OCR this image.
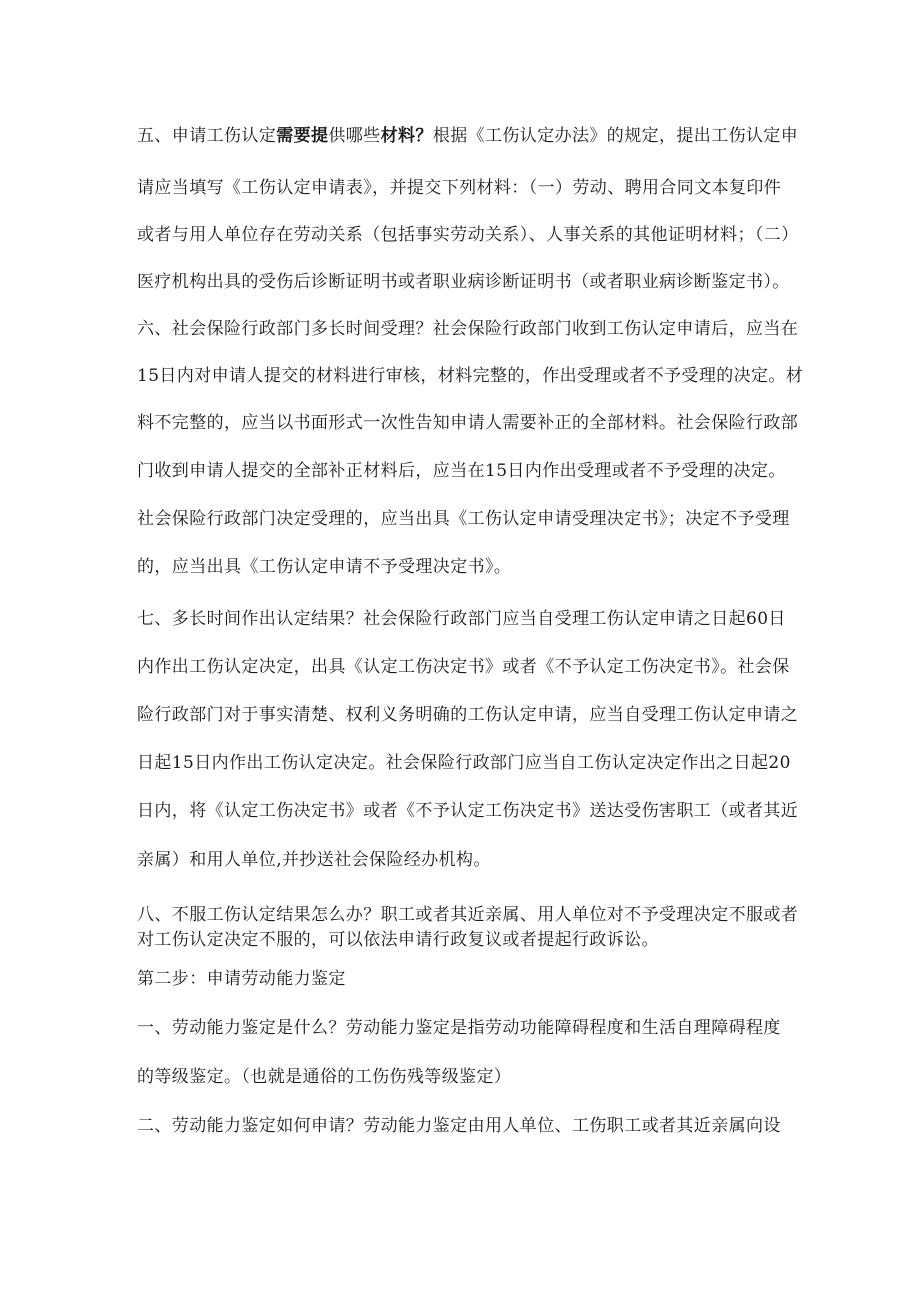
五、申请工伤认定需要提供哪些材料？根据《工伤认定办法》的规定，提出工伤认定申
请应当填写《工伤认定申请表》，并提交下列材料：（一）劳动、聘用合同文本复印件
或者与用人单位存在劳动关系（包括事实劳动关系）、人事关系的其他证明材料；（二）
医疗机构出具的受伤后诊断证明书或者职业病诊断证明书（或者职业病诊断鉴定书）。
六、社会保险行政部门多长时间受理？社会保险行政部门收到工伤认定申请后，应当在
15日内对申请人提交的材料进行审核，材料完整的，作出受理或者不予受理的决定。材
料不完整的，应当以书面形式一次性告知申请人需要补正的全部材料。社会保险行政部
门收到申请人提交的全部补正材料后，应当在15日内作出受理或者不予受理的决定。
社会保险行政部门决定受理的，应当出具《工伤认定申请受理决定书》；决定不予受理
的，应当出具《工伤认定申请不予受理决定书》。
七、多长时间作出认定结果？社会保险行政部门应当自受理工伤认定申请之日起60日
内作出工伤认定决定，出具《认定工伤决定书》或者《不予认定工伤决定书》。社会保
险行政部门对于事实清楚、权利义务明确的工伤认定申请，应当自受理工伤认定申请之
日起15日内作出工伤认定决定。社会保险行政部门应当自工伤认定决定作出之日起20
日内，将《认定工伤决定书》或者《不予认定工伤决定书》送达受伤害职工（或者其近
亲属）和用人单位,并抄送社会保险经办机构。
八、不服工伤认定结果怎么办？职工或者其近亲属、用人单位对不予受理决定不服或者
对工伤认定决定不服的，可以依法申请行政复议或者提起行政诉讼。
第二步：申请劳动能力鉴定
一、劳动能力鉴定是什么？劳动能力鉴定是指劳动功能障碍程度和生活自理障碍程度
的等级鉴定。（也就是通俗的工伤伤残等级鉴定）
二、劳动能力鉴定如何申请？劳动能力鉴定由用人单位、工伤职工或者其近亲属向设
